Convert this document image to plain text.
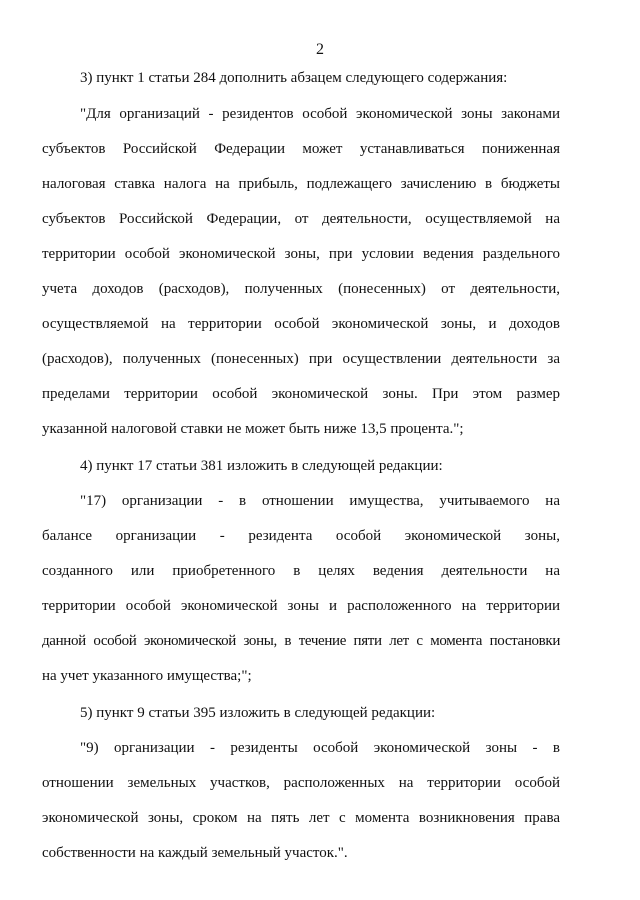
2

3) пункт 1 статьи 284 дополнить абзацем следующего содержания:

"Для организаций - резидентов особой экономической зоны законами

субъектов Российской Федерации может устанавливаться пониженная

налоговая ставка налога на прибыль, подлежащего зачислению в бюджеты

субъектов Российской Федерации, от деятельности, осуществляемой на

территории особой экономической зоны, при условии ведения раздельного

учета доходов (расходов), полученных (понесенных) от деятельности,

осуществляемой на территории особой экономической зоны, и доходов

(расходов), полученных (понесенных) при осуществлении деятельности за

пределами территории особой экономической зоны. При этом размер

указанной налоговой ставки не может быть ниже 13,5 процента.";

4) пункт 17 статьи 381 изложить в следующей редакции:

"17) организации - в отношении имущества, учитываемого на

балансе организации - резидента особой экономической зоны,

созданного или приобретенного в целях ведения деятельности на

территории особой экономической зоны и расположенного на территории

данной особой экономической зоны, в течение пяти лет с момента постановки

на учет указанного имущества;";

5) пункт 9 статьи 395 изложить в следующей редакции:

"9) организации - резиденты особой экономической зоны - в

отношении земельных участков, расположенных на территории особой

экономической зоны, сроком на пять лет с момента возникновения права

собственности на каждый земельный участок.".
